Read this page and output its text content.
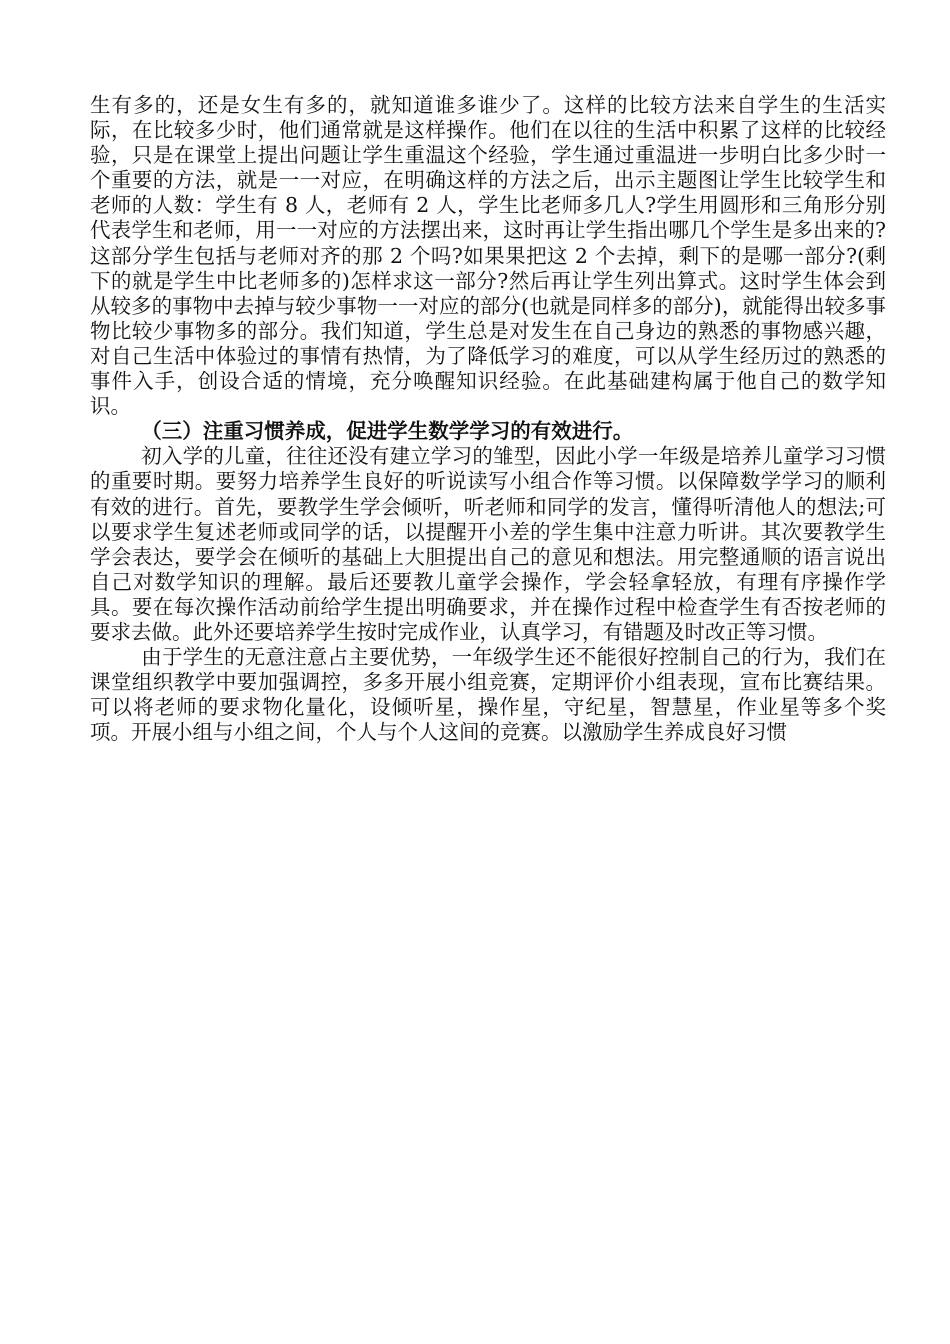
生有多的，还是女生有多的，就知道谁多谁少了。这样的比较方法来自学生的生活实际，在比较多少时，他们通常就是这样操作。他们在以往的生活中积累了这样的比较经验，只是在课堂上提出问题让学生重温这个经验，学生通过重温进一步明白比多少时一个重要的方法，就是一一对应，在明确这样的方法之后，出示主题图让学生比较学生和老师的人数：学生有 8 人，老师有 2 人，学生比老师多几人?学生用圆形和三角形分别代表学生和老师，用一一对应的方法摆出来，这时再让学生指出哪几个学生是多出来的?这部分学生包括与老师对齐的那 2 个吗?如果果把这 2 个去掉，剩下的是哪一部分?(剩下的就是学生中比老师多的)怎样求这一部分?然后再让学生列出算式。这时学生体会到从较多的事物中去掉与较少事物一一对应的部分(也就是同样多的部分)，就能得出较多事物比较少事物多的部分。我们知道，学生总是对发生在自己身边的熟悉的事物感兴趣，对自己生活中体验过的事情有热情，为了降低学习的难度，可以从学生经历过的熟悉的事件入手，创设合适的情境，充分唤醒知识经验。在此基础建构属于他自己的数学知识。

（三）注重习惯养成，促进学生数学学习的有效进行。

初入学的儿童，往往还没有建立学习的雏型，因此小学一年级是培养儿童学习习惯的重要时期。要努力培养学生良好的听说读写小组合作等习惯。以保障数学学习的顺利有效的进行。首先，要教学生学会倾听，听老师和同学的发言，懂得听清他人的想法;可以要求学生复述老师或同学的话，以提醒开小差的学生集中注意力听讲。其次要教学生学会表达，要学会在倾听的基础上大胆提出自己的意见和想法。用完整通顺的语言说出自己对数学知识的理解。最后还要教儿童学会操作，学会轻拿轻放，有理有序操作学具。要在每次操作活动前给学生提出明确要求，并在操作过程中检查学生有否按老师的要求去做。此外还要培养学生按时完成作业，认真学习，有错题及时改正等习惯。

由于学生的无意注意占主要优势，一年级学生还不能很好控制自己的行为，我们在课堂组织教学中要加强调控，多多开展小组竞赛，定期评价小组表现，宣布比赛结果。可以将老师的要求物化量化，设倾听星，操作星，守纪星，智慧星，作业星等多个奖项。开展小组与小组之间，个人与个人这间的竞赛。以激励学生养成良好习惯
